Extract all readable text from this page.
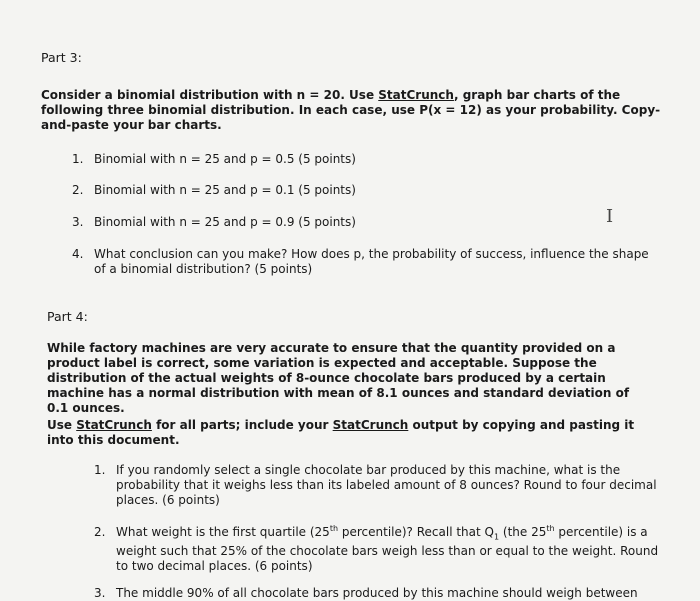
Part 3:
Consider a binomial distribution with n = 20. Use StatCrunch, graph bar charts of the following three binomial distribution. In each case, use P(x = 12) as your probability. Copy-and-paste your bar charts.
1. Binomial with n = 25 and p = 0.5 (5 points)
2. Binomial with n = 25 and p = 0.1 (5 points)
3. Binomial with n = 25 and p = 0.9 (5 points)
4. What conclusion can you make? How does p, the probability of success, influence the shape of a binomial distribution? (5 points)
I
Part 4:
While factory machines are very accurate to ensure that the quantity provided on a product label is correct, some variation is expected and acceptable. Suppose the distribution of the actual weights of 8-ounce chocolate bars produced by a certain machine has a normal distribution with mean of 8.1 ounces and standard deviation of 0.1 ounces.
Use StatCrunch for all parts; include your StatCrunch output by copying and pasting it into this document.
1. If you randomly select a single chocolate bar produced by this machine, what is the probability that it weighs less than its labeled amount of 8 ounces? Round to four decimal places. (6 points)
2. What weight is the first quartile (25th percentile)? Recall that $Q_1$ (the 25th percentile) is a weight such that 25% of the chocolate bars weigh less than or equal to the weight. Round to two decimal places. (6 points)
3. The middle 90% of all chocolate bars produced by this machine should weigh between
